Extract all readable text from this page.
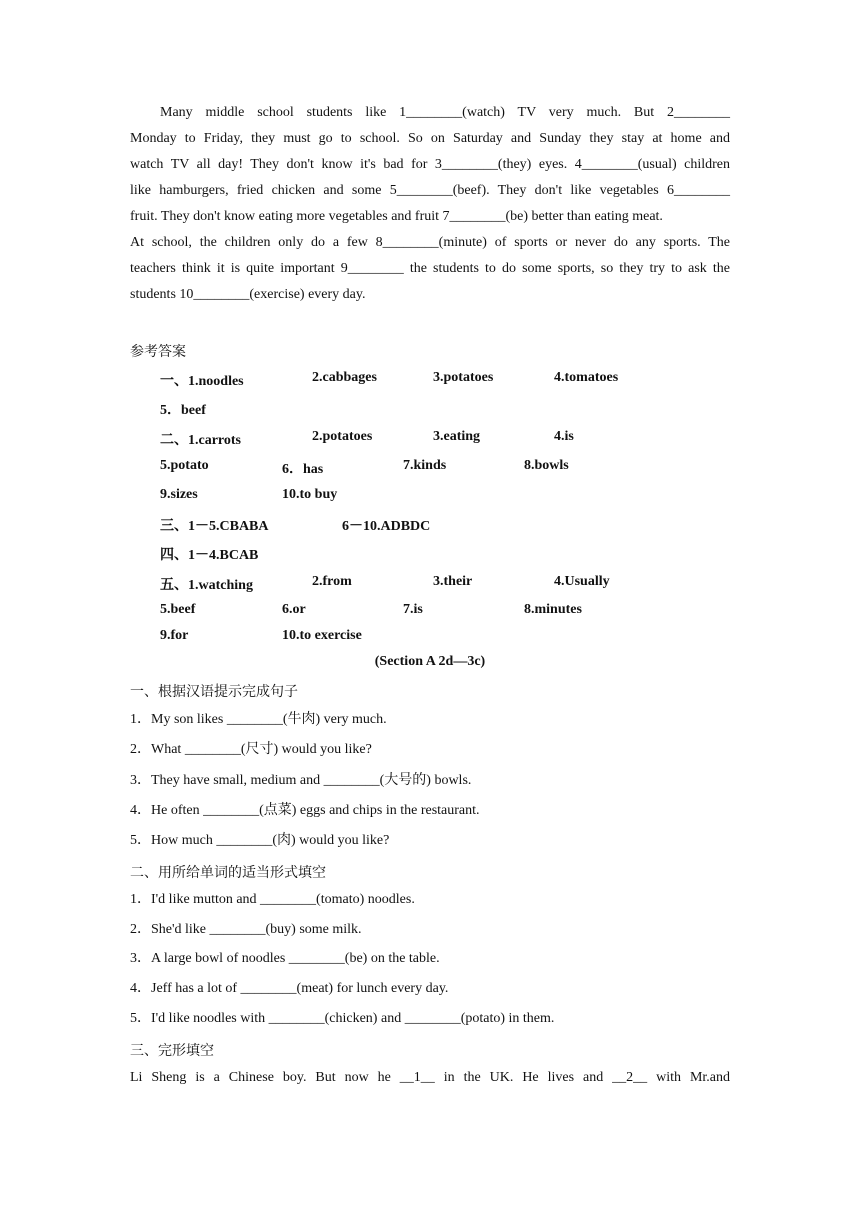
Many middle school students like 1________(watch) TV very much. But 2________
Monday to Friday, they must go to school. So on Saturday and Sunday they stay at home and
watch TV all day! They don't know it's bad for 3________(they) eyes. 4________(usual) children
like hamburgers, fried chicken and some 5________(beef). They don't like vegetables 6________
fruit. They don't know eating more vegetables and fruit 7________(be) better than eating meat.
At school, the children only do a few 8________(minute) of sports or never do any sports. The
teachers think it is quite important 9________ the students to do some sports, so they try to ask the
students 10________(exercise) every day.
参考答案
一、1.noodles	2.cabbages	3.potatoes	4.tomatoes
5．beef
二、1.carrots	2.potatoes	3.eating	4.is
5.potato	6．has	7.kinds	8.bowls
9.sizes	10.to buy
三、1－5.CBABA	6－10.ADBDC
四、1－4.BCAB
五、1.watching	2.from	3.their	4.Usually
5.beef	6.or	7.is	8.minutes
9.for	10.to exercise
(Section A 2d—3c)
一、根据汉语提示完成句子
1．My son likes ________(牛肉) very much.
2．What ________(尺寸) would you like?
3．They have small, medium and ________(大号的) bowls.
4．He often ________(点菜) eggs and chips in the restaurant.
5．How much ________(肉) would you like?
二、用所给单词的适当形式填空
1．I'd like mutton and ________(tomato) noodles.
2．She'd like ________(buy) some milk.
3．A large bowl of noodles ________(be) on the table.
4．Jeff has a lot of ________(meat) for lunch every day.
5．I'd like noodles with ________(chicken) and ________(potato) in them.
三、完形填空
Li Sheng is a Chinese boy. But now he __1__ in the UK. He lives and __2__ with Mr.and
